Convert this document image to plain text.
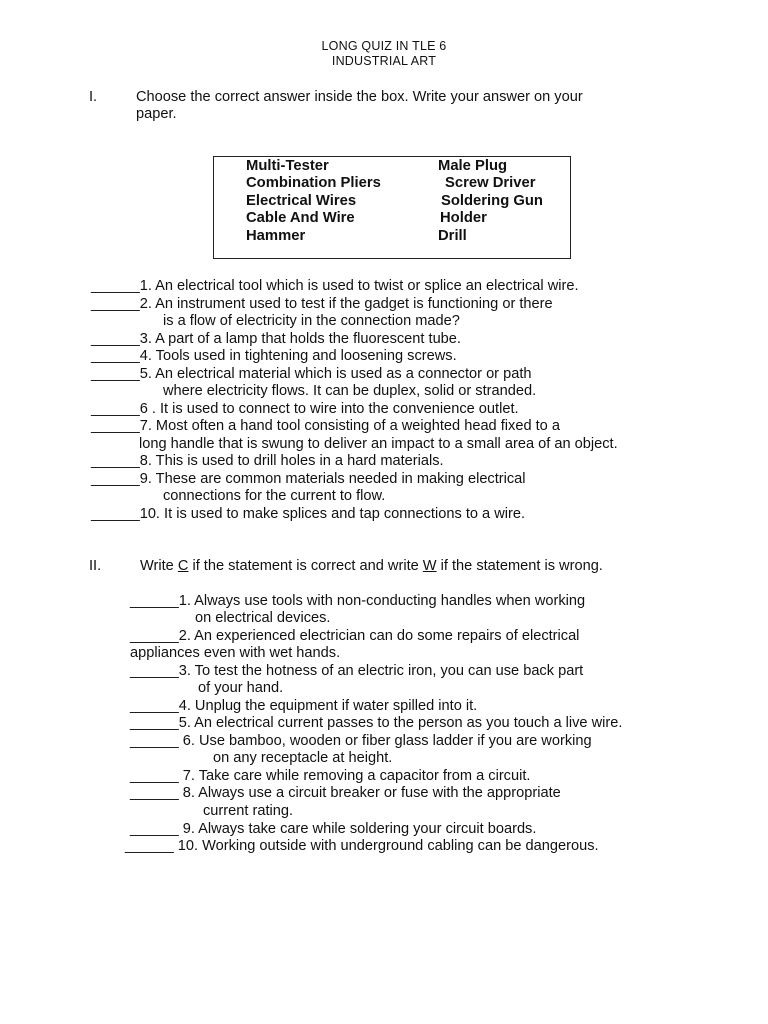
LONG QUIZ IN TLE 6
INDUSTRIAL ART
I.	Choose the correct answer inside the box. Write your answer on your
paper.
Multi-Tester	Male Plug
Combination Pliers	Screw Driver
Electrical Wires	Soldering Gun
Cable And Wire	Holder
Hammer	Drill
______1. An electrical tool which is used to twist or splice an electrical wire.
______2. An instrument used to test if the gadget is functioning or there
is a flow of electricity in the connection made?
______3. A part of a lamp that holds the fluorescent tube.
______4. Tools used in tightening and loosening screws.
______5. An electrical material which is used as a connector or path
where electricity flows. It can be duplex, solid or stranded.
______6 . It is used to connect to wire into the convenience outlet.
______7. Most often a hand tool consisting of a weighted head fixed to a
long handle that is swung to deliver an impact to a small area of an object.
______8. This is used to drill holes in a hard materials.
______9. These are common materials needed in making electrical
connections for the current to flow.
______10. It is used to make splices and tap connections to a wire.
II.	Write C if the statement is correct and write W if the statement is wrong.
______1. Always use tools with non-conducting handles when working
on electrical devices.
______2. An experienced electrician can do some repairs of electrical
appliances even with wet hands.
______3. To test the hotness of an electric iron, you can use back part
of your hand.
______4. Unplug the equipment if water spilled into it.
______5. An electrical current passes to the person as you touch a live wire.
______ 6. Use bamboo, wooden or fiber glass ladder if you are working
on any receptacle at height.
______ 7. Take care while removing a capacitor from a circuit.
______ 8. Always use a circuit breaker or fuse with the appropriate
current rating.
______ 9. Always take care while soldering your circuit boards.
______ 10. Working outside with underground cabling can be dangerous.
